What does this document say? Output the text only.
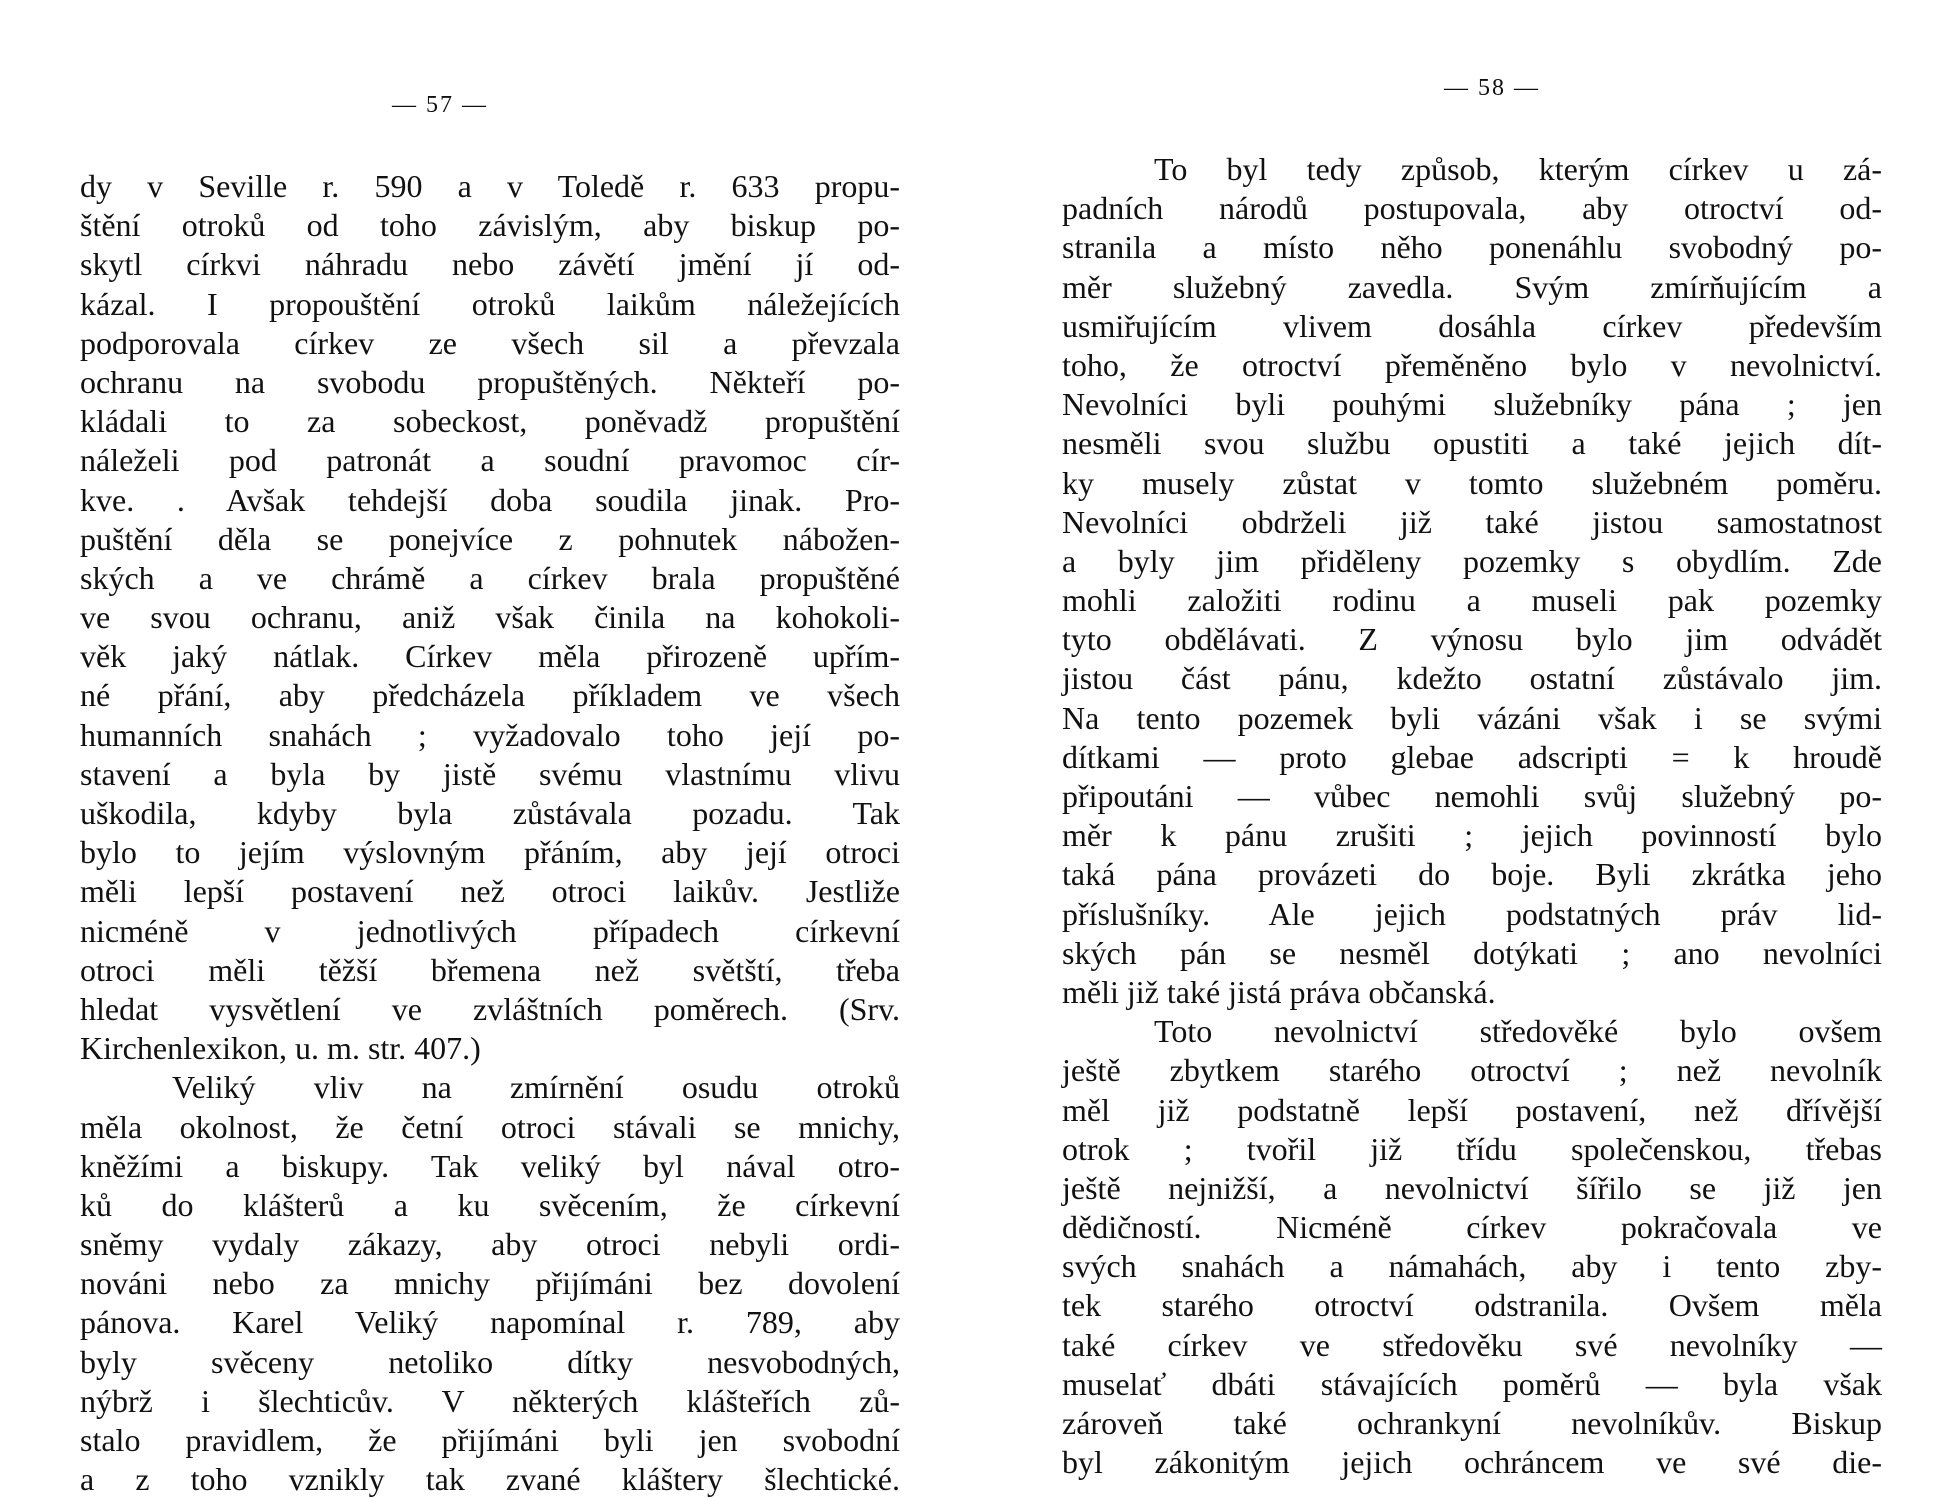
— 57 —
dy v Seville r. 590 a v Toledě r. 633 propu-
štění otroků od toho závislým, aby biskup po-
skytl církvi náhradu nebo závětí jmění jí od-
kázal. I propouštění otroků laikům náležejících
podporovala církev ze všech sil a převzala
ochranu na svobodu propuštěných. Někteří po-
kládali to za sobeckost, poněvadž propuštění
náleželi pod patronát a soudní pravomoc cír-
kve. . Avšak tehdejší doba soudila jinak. Pro-
puštění děla se ponejvíce z pohnutek nábožen-
ských a ve chrámě a církev brala propuštěné
ve svou ochranu, aniž však činila na kohokoli-
věk jaký nátlak. Církev měla přirozeně upřím-
né přání, aby předcházela příkladem ve všech
humanních snahách ; vyžadovalo toho její po-
stavení a byla by jistě svému vlastnímu vlivu
uškodila, kdyby byla zůstávala pozadu. Tak
bylo to jejím výslovným přáním, aby její otroci
měli lepší postavení než otroci laikův. Jestliže
nicméně v jednotlivých případech církevní
otroci měli těžší břemena než světští, třeba
hledat vysvětlení ve zvláštních poměrech. (Srv.
Kirchenlexikon, u. m. str. 407.)
Veliký vliv na zmírnění osudu otroků
měla okolnost, že četní otroci stávali se mnichy,
kněžími a biskupy. Tak veliký byl nával otro-
ků do klášterů a ku svěcením, že církevní
sněmy vydaly zákazy, aby otroci nebyli ordi-
nováni nebo za mnichy přijímáni bez dovolení
pánova. Karel Veliký napomínal r. 789, aby
byly svěceny netoliko dítky nesvobodných,
nýbrž i šlechticův. V některých klášteřích zů-
stalo pravidlem, že přijímáni byli jen svobodní
a z toho vznikly tak zvané kláštery šlechtické.
— 58 —
To byl tedy způsob, kterým církev u zá-
padních národů postupovala, aby otroctví od-
stranila a místo něho ponenáhlu svobodný po-
měr služebný zavedla. Svým zmírňujícím a
usmiřujícím vlivem dosáhla církev především
toho, že otroctví přeměněno bylo v nevolnictví.
Nevolníci byli pouhými služebníky pána ; jen
nesměli svou službu opustiti a také jejich dít-
ky musely zůstat v tomto služebném poměru.
Nevolníci obdrželi již také jistou samostatnost
a byly jim přiděleny pozemky s obydlím. Zde
mohli založiti rodinu a museli pak pozemky
tyto obdělávati. Z výnosu bylo jim odvádět
jistou část pánu, kdežto ostatní zůstávalo jim.
Na tento pozemek byli vázáni však i se svými
dítkami — proto glebae adscripti = k hroudě
připoutáni — vůbec nemohli svůj služebný po-
měr k pánu zrušiti ; jejich povinností bylo
taká pána provázeti do boje. Byli zkrátka jeho
příslušníky. Ale jejich podstatných práv lid-
ských pán se nesměl dotýkati ; ano nevolníci
měli již také jistá práva občanská.
Toto nevolnictví středověké bylo ovšem
ještě zbytkem starého otroctví ; než nevolník
měl již podstatně lepší postavení, než dřívější
otrok ; tvořil již třídu společenskou, třebas
ještě nejnižší, a nevolnictví šířilo se již jen
dědičností. Nicméně církev pokračovala ve
svých snahách a námahách, aby i tento zby-
tek starého otroctví odstranila. Ovšem měla
také církev ve středověku své nevolníky —
muselať dbáti stávajících poměrů — byla však
zároveň také ochrankyní nevolníkův. Biskup
byl zákonitým jejich ochráncem ve své die-
